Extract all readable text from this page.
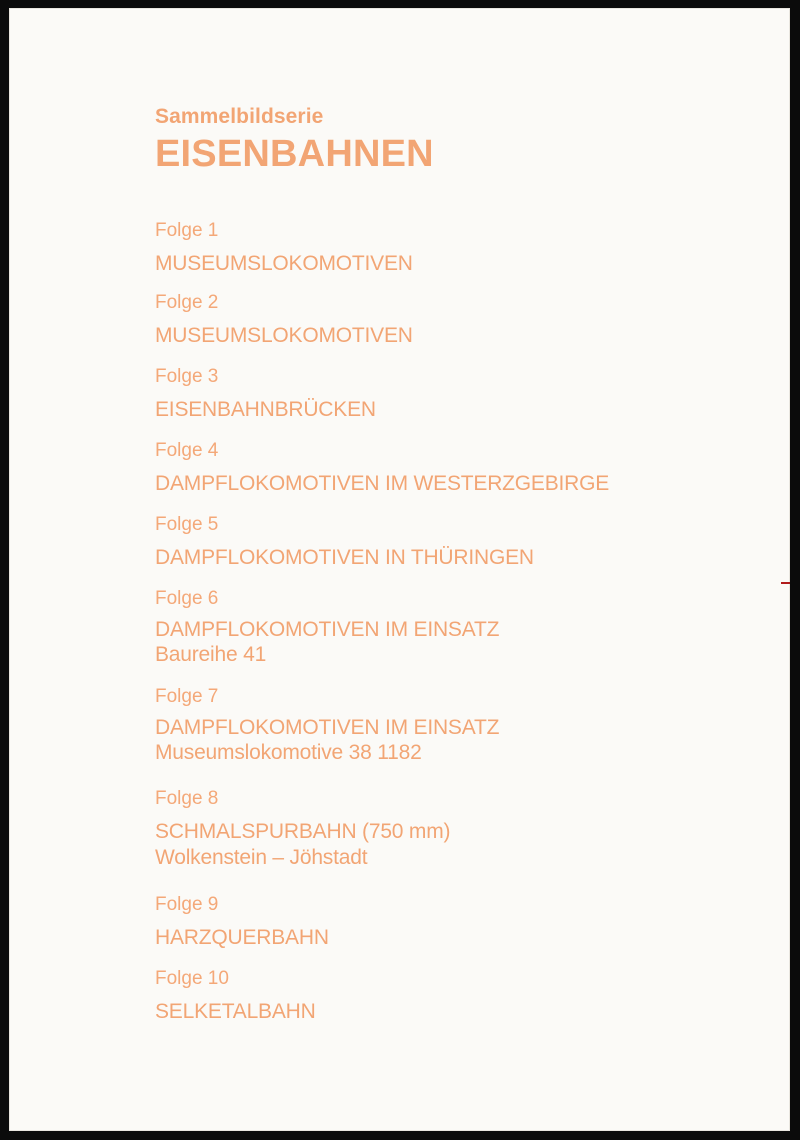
Sammelbildserie

EISENBAHNEN
Folge 1
MUSEUMSLOKOMOTIVEN
Folge 2
MUSEUMSLOKOMOTIVEN
Folge 3
EISENBAHNBRÜCKEN
Folge 4
DAMPFLOKOMOTIVEN IM WESTERZGEBIRGE
Folge 5
DAMPFLOKOMOTIVEN IN THÜRINGEN
Folge 6
DAMPFLOKOMOTIVEN IM EINSATZ
Baureihe 41
Folge 7
DAMPFLOKOMOTIVEN IM EINSATZ
Museumslokomotive 38 1182
Folge 8
SCHMALSPURBAHN (750 mm)
Wolkenstein – Jöhstadt
Folge 9
HARZQUERBAHN
Folge 10
SELKETALBAHN
